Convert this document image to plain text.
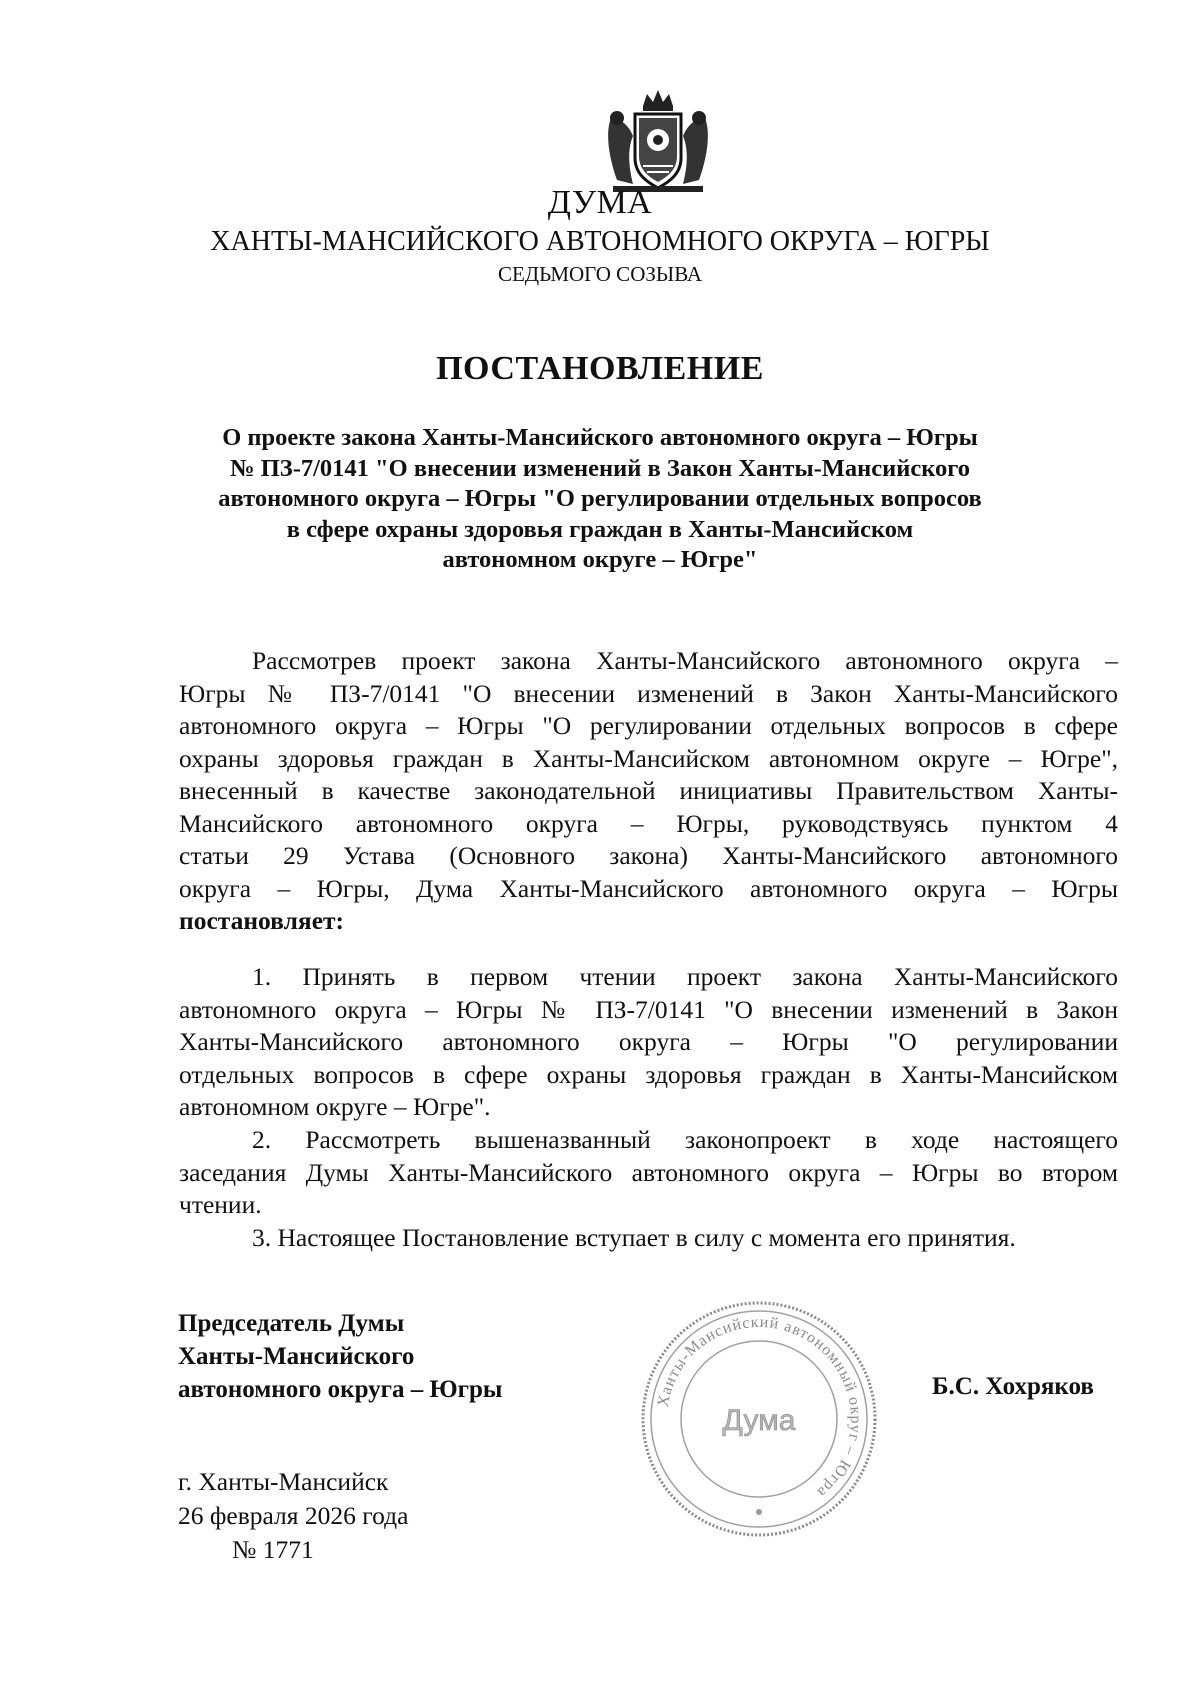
ДУМА
ХАНТЫ-МАНСИЙСКОГО АВТОНОМНОГО ОКРУГА – ЮГРЫ
СЕДЬМОГО СОЗЫВА
ПОСТАНОВЛЕНИЕ
О проекте закона Ханты-Мансийского автономного округа – Югры
№ ПЗ-7/0141 "О внесении изменений в Закон Ханты-Мансийского
автономного округа – Югры "О регулировании отдельных вопросов
в сфере охраны здоровья граждан в Ханты-Мансийском
автономном округе – Югре"
Рассмотрев проект закона Ханты-Мансийского автономного округа –
Югры № ПЗ-7/0141 "О внесении изменений в Закон Ханты-Мансийского
автономного округа – Югры "О регулировании отдельных вопросов в сфере
охраны здоровья граждан в Ханты-Мансийском автономном округе – Югре",
внесенный в качестве законодательной инициативы Правительством Ханты-
Мансийского автономного округа – Югры, руководствуясь пунктом 4
статьи 29 Устава (Основного закона) Ханты-Мансийского автономного
округа – Югры, Дума Ханты-Мансийского автономного округа – Югры
постановляет:
1. Принять в первом чтении проект закона Ханты-Мансийского
автономного округа – Югры № ПЗ-7/0141 "О внесении изменений в Закон
Ханты-Мансийского автономного округа – Югры "О регулировании
отдельных вопросов в сфере охраны здоровья граждан в Ханты-Мансийском
автономном округе – Югре".
2. Рассмотреть вышеназванный законопроект в ходе настоящего
заседания Думы Ханты-Мансийского автономного округа – Югры во втором
чтении.
3. Настоящее Постановление вступает в силу с момента его принятия.
Председатель Думы
Ханты-Мансийского
автономного округа – Югры	Ханты-Мансийский автономный округ – Югра
Дума
Б.С. Хохряков
г. Ханты-Мансийск
26 февраля 2026 года
№ 1771
